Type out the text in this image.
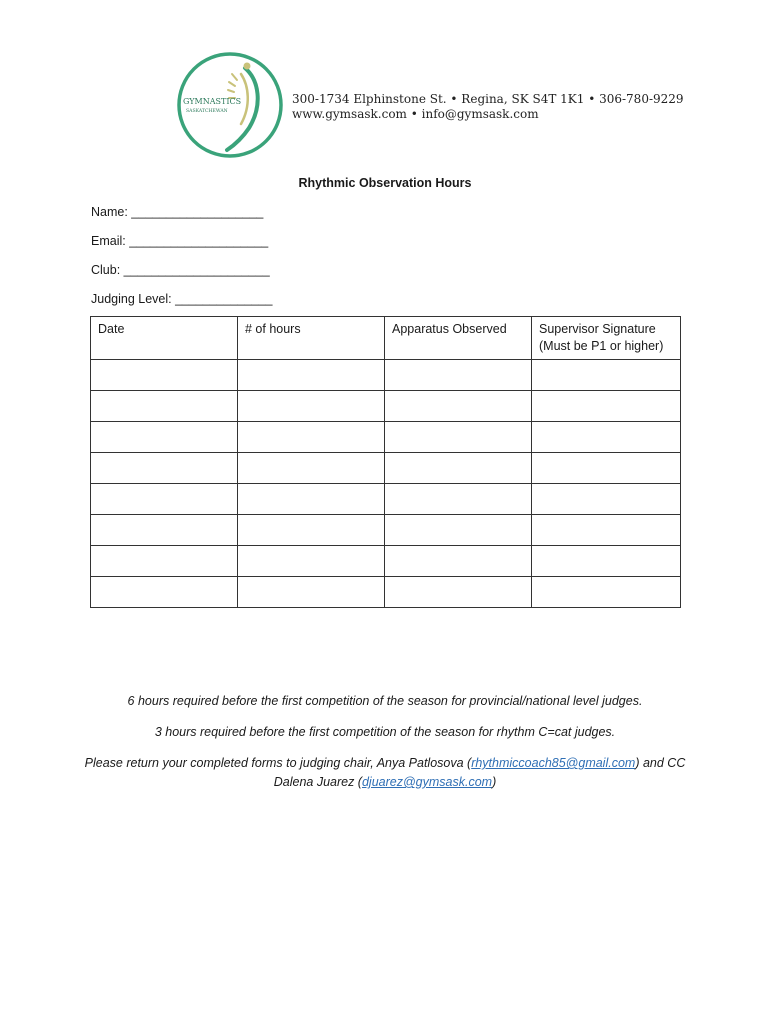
GYMNASTICS
SASKATCHEWAN
300-1734 Elphinstone St. • Regina, SK S4T 1K1 • 306-780-9229
www.gymsask.com • info@gymsask.com
Rhythmic Observation Hours
Name: ___________________
Email: ____________________
Club: _____________________
Judging Level: ______________
Date	# of hours	Apparatus Observed	Supervisor Signature (Must be P1 or higher)

6 hours required before the first competition of the season for provincial/national level judges.

3 hours required before the first competition of the season for rhythm C=cat judges.

Please return your completed forms to judging chair, Anya Patlosova (rhythmiccoach85@gmail.com) and CC Dalena Juarez (djuarez@gymsask.com)
